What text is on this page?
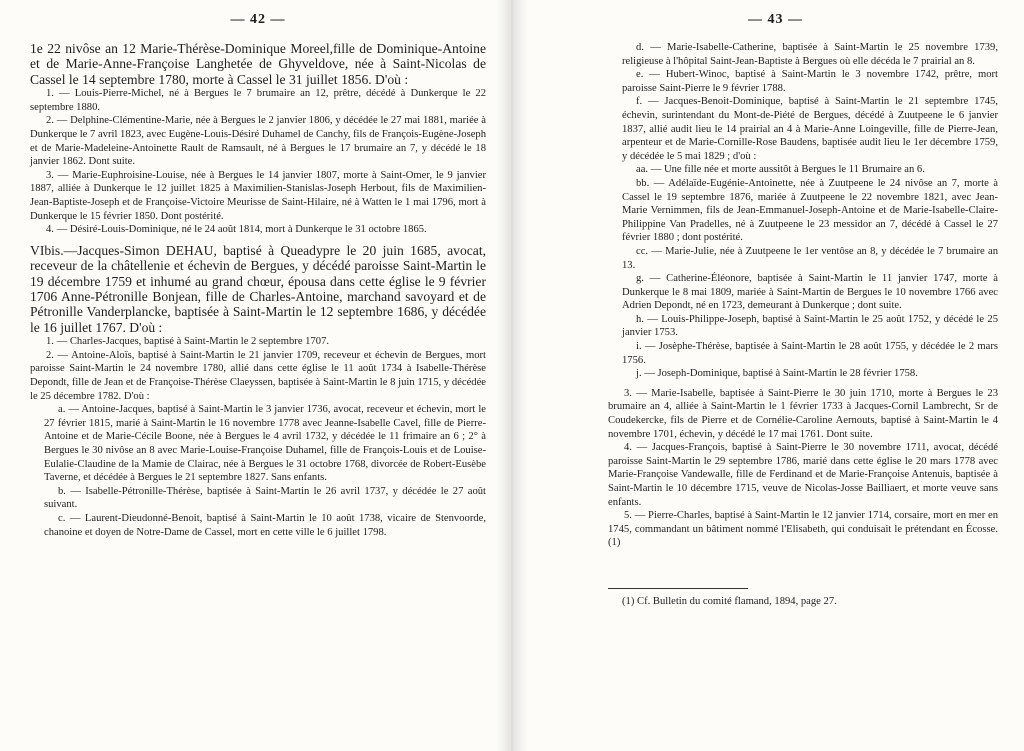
— 42 —

1e 22 nivôse an 12 Marie-Thérèse-Dominique Moreel,fille de Dominique-Antoine et de Marie-Anne-Françoise Langhetée de Ghyveldove, née à Saint-Nicolas de Cassel le 14 septembre 1780, morte à Cassel le 31 juillet 1856. D'où :

1. — Louis-Pierre-Michel, né à Bergues le 7 brumaire an 12, prêtre, décédé à Dunkerque le 22 septembre 1880.

2. — Delphine-Clémentine-Marie, née à Bergues le 2 janvier 1806, y décédée le 27 mai 1881, mariée à Dunkerque le 7 avril 1823, avec Eugène-Louis-Désiré Duhamel de Canchy, fils de François-Eugène-Joseph et de Marie-Madeleine-Antoinette Rault de Ramsault, né à Bergues le 17 brumaire an 7, y décédé le 18 janvier 1862. Dont suite.

3. — Marie-Euphroisine-Louise, née à Bergues le 14 janvier 1807, morte à Saint-Omer, le 9 janvier 1887, alliée à Dunkerque le 12 juillet 1825 à Maximilien-Stanislas-Joseph Herbout, fils de Maximilien-Jean-Baptiste-Joseph et de Françoise-Victoire Meurisse de Saint-Hilaire, né à Watten le 1 mai 1796, mort à Dunkerque le 15 février 1850. Dont postérité.

4. — Désiré-Louis-Dominique, né le 24 août 1814, mort à Dunkerque le 31 octobre 1865.

VIbis.—Jacques-Simon DEHAU, baptisé à Queadypre le 20 juin 1685, avocat, receveur de la châtellenie et échevin de Bergues, y décédé paroisse Saint-Martin le 19 décembre 1759 et inhumé au grand chœur, épousa dans cette église le 9 février 1706 Anne-Pétronille Bonjean, fille de Charles-Antoine, marchand savoyard et de Pétronille Vanderplancke, baptisée à Saint-Martin le 12 septembre 1686, y décédée le 16 juillet 1767. D'où :

1. — Charles-Jacques, baptisé à Saint-Martin le 2 septembre 1707.

2. — Antoine-Aloïs, baptisé à Saint-Martin le 21 janvier 1709, receveur et échevin de Bergues, mort paroisse Saint-Martin le 24 novembre 1780, allié dans cette église le 11 août 1734 à Isabelle-Thérèse Depondt, fille de Jean et de Françoise-Thérèse Claeyssen, baptisée à Saint-Martin le 8 juin 1715, y décédée le 25 décembre 1782. D'où :

a. — Antoine-Jacques, baptisé à Saint-Martin le 3 janvier 1736, avocat, receveur et échevin, mort le 27 février 1815, marié à Saint-Martin le 16 novembre 1778 avec Jeanne-Isabelle Cavel, fille de Pierre-Antoine et de Marie-Cécile Boone, née à Bergues le 4 avril 1732, y décédée le 11 frimaire an 6 ; 2° à Bergues le 30 nivôse an 8 avec Marie-Louise-Françoise Duhamel, fille de François-Louis et de Louise-Eulalie-Claudine de la Mamie de Clairac, née à Bergues le 31 octobre 1768, divorcée de Robert-Eusèbe Taverne, et décédée à Bergues le 21 septembre 1827. Sans enfants.

b. — Isabelle-Pétronille-Thérèse, baptisée à Saint-Martin le 26 avril 1737, y décédée le 27 août suivant.

c. — Laurent-Dieudonné-Benoit, baptisé à Saint-Martin le 10 août 1738, vicaire de Stenvoorde, chanoine et doyen de Notre-Dame de Cassel, mort en cette ville le 6 juillet 1798.

— 43 —

d. — Marie-Isabelle-Catherine, baptisée à Saint-Martin le 25 novembre 1739, religieuse à l'hôpital Saint-Jean-Baptiste à Bergues où elle décéda le 7 prairial an 8.

e. — Hubert-Winoc, baptisé à Saint-Martin le 3 novembre 1742, prêtre, mort paroisse Saint-Pierre le 9 février 1788.

f. — Jacques-Benoit-Dominique, baptisé à Saint-Martin le 21 septembre 1745, échevin, surintendant du Mont-de-Piété de Bergues, décédé à Zuutpeene le 6 janvier 1837, allié audit lieu le 14 prairial an 4 à Marie-Anne Loingeville, fille de Pierre-Jean, arpenteur et de Marie-Cornille-Rose Baudens, baptisée audit lieu le 1er décembre 1759, y décédée le 5 mai 1829 ; d'où :

aa. — Une fille née et morte aussitôt à Bergues le 11 Brumaire an 6.

bb. — Adélaïde-Eugénie-Antoinette, née à Zuutpeene le 24 nivôse an 7, morte à Cassel le 19 septembre 1876, mariée à Zuutpeene le 22 novembre 1821, avec Jean-Marie Vernimmen, fils de Jean-Emmanuel-Joseph-Antoine et de Marie-Isabelle-Claire-Philippine Van Pradelles, né à Zuutpeene le 23 messidor an 7, décédé à Cassel le 27 février 1880 ; dont postérité.

cc. — Marie-Julie, née à Zuutpeene le 1er ventôse an 8, y décédée le 7 brumaire an 13.

g. — Catherine-Éléonore, baptisée à Saint-Martin le 11 janvier 1747, morte à Dunkerque le 8 mai 1809, mariée à Saint-Martin de Bergues le 10 novembre 1766 avec Adrien Depondt, né en 1723, demeurant à Dunkerque ; dont suite.

h. — Louis-Philippe-Joseph, baptisé à Saint-Martin le 25 août 1752, y décédé le 25 janvier 1753.

i. — Josèphe-Thérèse, baptisée à Saint-Martin le 28 août 1755, y décédée le 2 mars 1756.

j. — Joseph-Dominique, baptisé à Saint-Martin le 28 février 1758.

3. — Marie-Isabelle, baptisée à Saint-Pierre le 30 juin 1710, morte à Bergues le 23 brumaire an 4, alliée à Saint-Martin le 1 février 1733 à Jacques-Cornil Lambrecht, Sr de Coudekercke, fils de Pierre et de Cornélie-Caroline Aernouts, baptisé à Saint-Martin le 4 novembre 1701, échevin, y décédé le 17 mai 1761. Dont suite.

4. — Jacques-François, baptisé à Saint-Pierre le 30 novembre 1711, avocat, décédé paroisse Saint-Martin le 29 septembre 1786, marié dans cette église le 20 mars 1778 avec Marie-Françoise Vandewalle, fille de Ferdinand et de Marie-Françoise Antenuis, baptisée à Saint-Martin le 10 décembre 1715, veuve de Nicolas-Josse Bailliaert, et morte veuve sans enfants.

5. — Pierre-Charles, baptisé à Saint-Martin le 12 janvier 1714, corsaire, mort en mer en 1745, commandant un bâtiment nommé l'Elisabeth, qui conduisait le prétendant en Écosse. (1)

(1) Cf. Bulletin du comité flamand, 1894, page 27.
